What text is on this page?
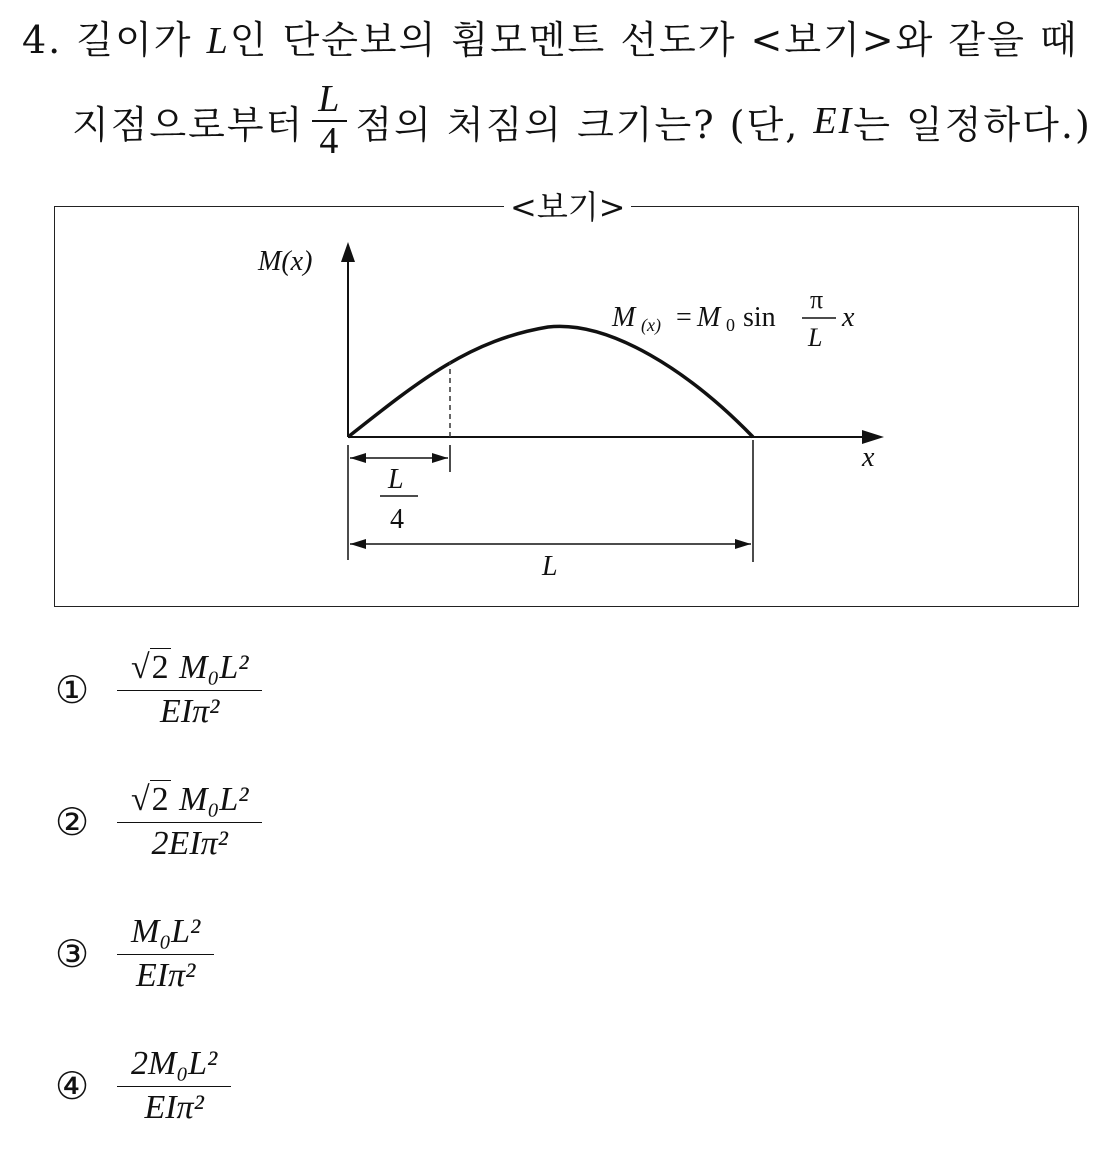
4. 길이가 L인 단순보의 휨모멘트 선도가 <보기>와 같을 때
지점으로부터 $\frac{L}{4}$ 점의 처짐의 크기는? (단,
EI 는 일정하다.)
<보기>
M(x)
x
M (x) = M 0 sin
π
L
x
L
4
L
①
√2 M₀L²
EIπ²
②
√2 M₀L²
2EIπ²
③
M₀L²
EIπ²
④
2M₀L²
EIπ²
